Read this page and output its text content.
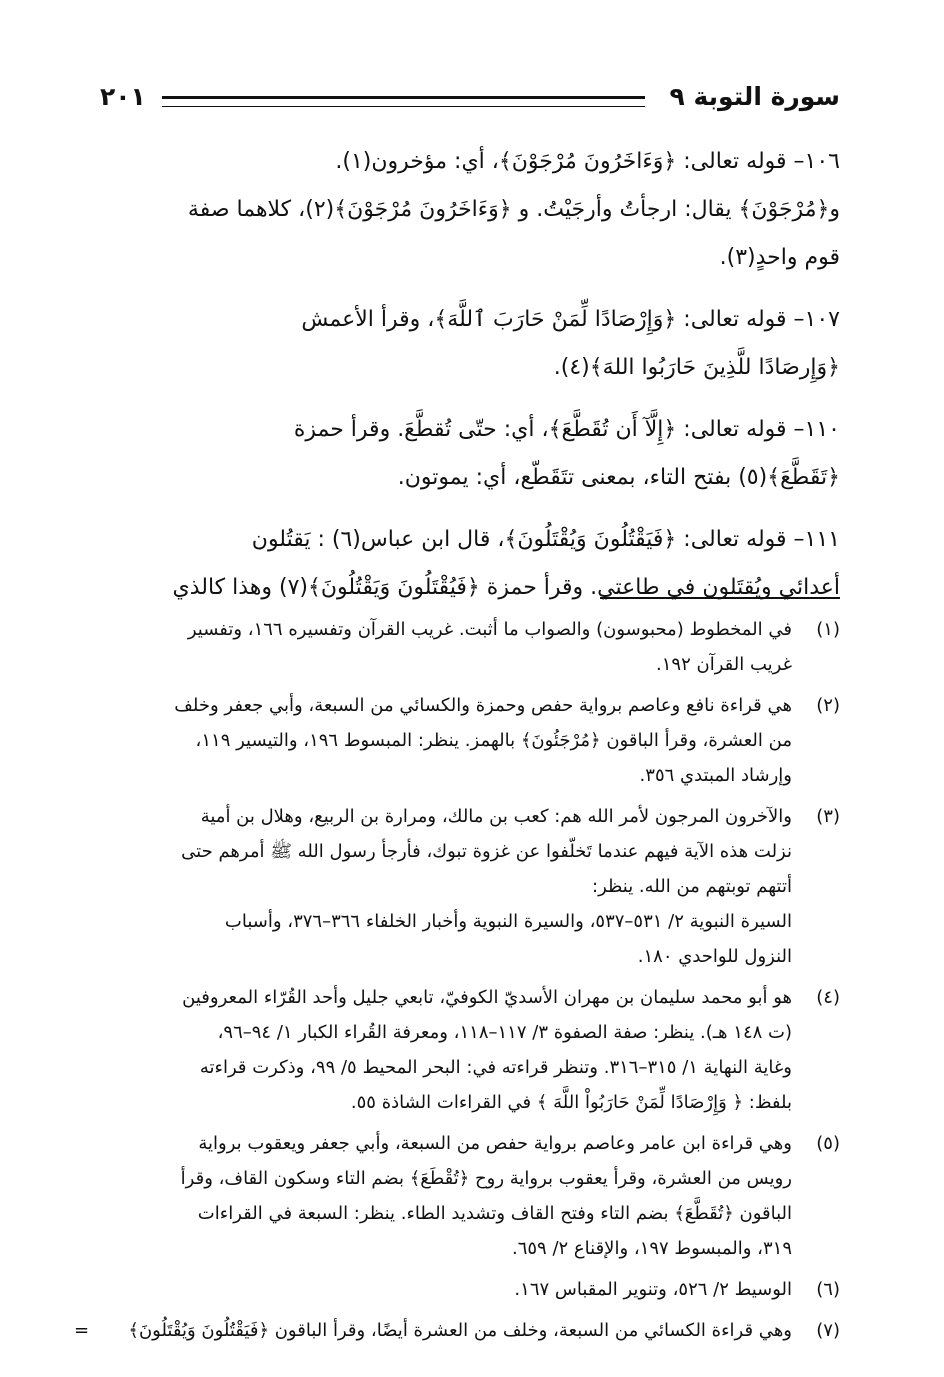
سورة التوبة ٩
٢٠١
١٠٦– قوله تعالى: ﴿وَءَاخَرُونَ مُرْجَوْنَ﴾، أي: مؤخرون(١).
و﴿مُرْجَوْنَ﴾ يقال: ارجأتُ وأرجَيْتُ. و ﴿وَءَاخَرُونَ مُرْجَوْنَ﴾(٢)، كلاهما صفة
قوم واحدٍ(٣).
١٠٧– قوله تعالى: ﴿وَإِرْصَادًا لِّمَنْ حَارَبَ ٱللَّهَ﴾، وقرأ الأعمش
﴿وَإِرصَادًا للَّذِينَ حَارَبُوا اللهَ﴾(٤).
١١٠– قوله تعالى: ﴿إِلَّآ أَن تُقَطَّعَ﴾، أي: حتّى تُقطَّعَ. وقرأ حمزة
﴿تَقَطَّعَ﴾(٥) بفتح التاء، بمعنى تتَقَطّع، أي: يموتون.
١١١– قوله تعالى: ﴿فَيَقْتُلُونَ وَيُقْتَلُونَ﴾، قال ابن عباس(٦) : يَقتُلون
أعدائي ويُقتَلون في طاعتي. وقرأ حمزة ﴿فَيُقْتَلُونَ وَيَقْتُلُونَ﴾(٧) وهذا كالذي
(١)
في المخطوط (محبوسون) والصواب ما أثبت. غريب القرآن وتفسيره ١٦٦، وتفسير
غريب القرآن ١٩٢.
(٢)
هي قراءة نافع وعاصم برواية حفص وحمزة والكسائي من السبعة، وأبي جعفر وخلف
من العشرة، وقرأ الباقون ﴿مُرْجَئُونَ﴾ بالهمز. ينظر: المبسوط ١٩٦، والتيسير ١١٩،
وإرشاد المبتدي ٣٥٦.
(٣)
والآخرون المرجون لأمر الله هم: كعب بن مالك، ومرارة بن الربيع، وهلال بن أمية
نزلت هذه الآية فيهم عندما تَخلّفوا عن غزوة تبوك، فأرجأ رسول الله ﷺ أمرهم حتى
أتتهم توبتهم من الله. ينظر:
السيرة النبوية ٢/ ٥٣١–٥٣٧، والسيرة النبوية وأخبار الخلفاء ٣٦٦–٣٧٦، وأسباب
النزول للواحدي ١٨٠.
(٤)
هو أبو محمد سليمان بن مهران الأسديّ الكوفيّ، تابعي جليل وأحد القُرّاء المعروفين
(ت ١٤٨ هـ). ينظر: صفة الصفوة ٣/ ١١٧–١١٨، ومعرفة القُراء الكبار ١/ ٩٤–٩٦،
وغاية النهاية ١/ ٣١٥–٣١٦. وتنظر قراءته في: البحر المحيط ٥/ ٩٩، وذكرت قراءته
بلفظ: ﴿ وَإِرْصَادًا لِّمَنْ حَارَبُواْ اللَّهَ ﴾ في القراءات الشاذة ٥٥.
(٥)
وهي قراءة ابن عامر وعاصم برواية حفص من السبعة، وأبي جعفر ويعقوب برواية
رويس من العشرة، وقرأ يعقوب برواية روح ﴿تُقْطَعَ﴾ بضم التاء وسكون القاف، وقرأ
الباقون ﴿تُقَطَّعَ﴾ بضم التاء وفتح القاف وتشديد الطاء. ينظر: السبعة في القراءات
٣١٩، والمبسوط ١٩٧، والإقناع ٢/ ٦٥٩.
(٦)
الوسيط ٢/ ٥٢٦، وتنوير المقباس ١٦٧.
(٧)
وهي قراءة الكسائي من السبعة، وخلف من العشرة أيضًا، وقرأ الباقون ﴿فَيَقْتُلُونَ وَيُقْتَلُونَ﴾
=
